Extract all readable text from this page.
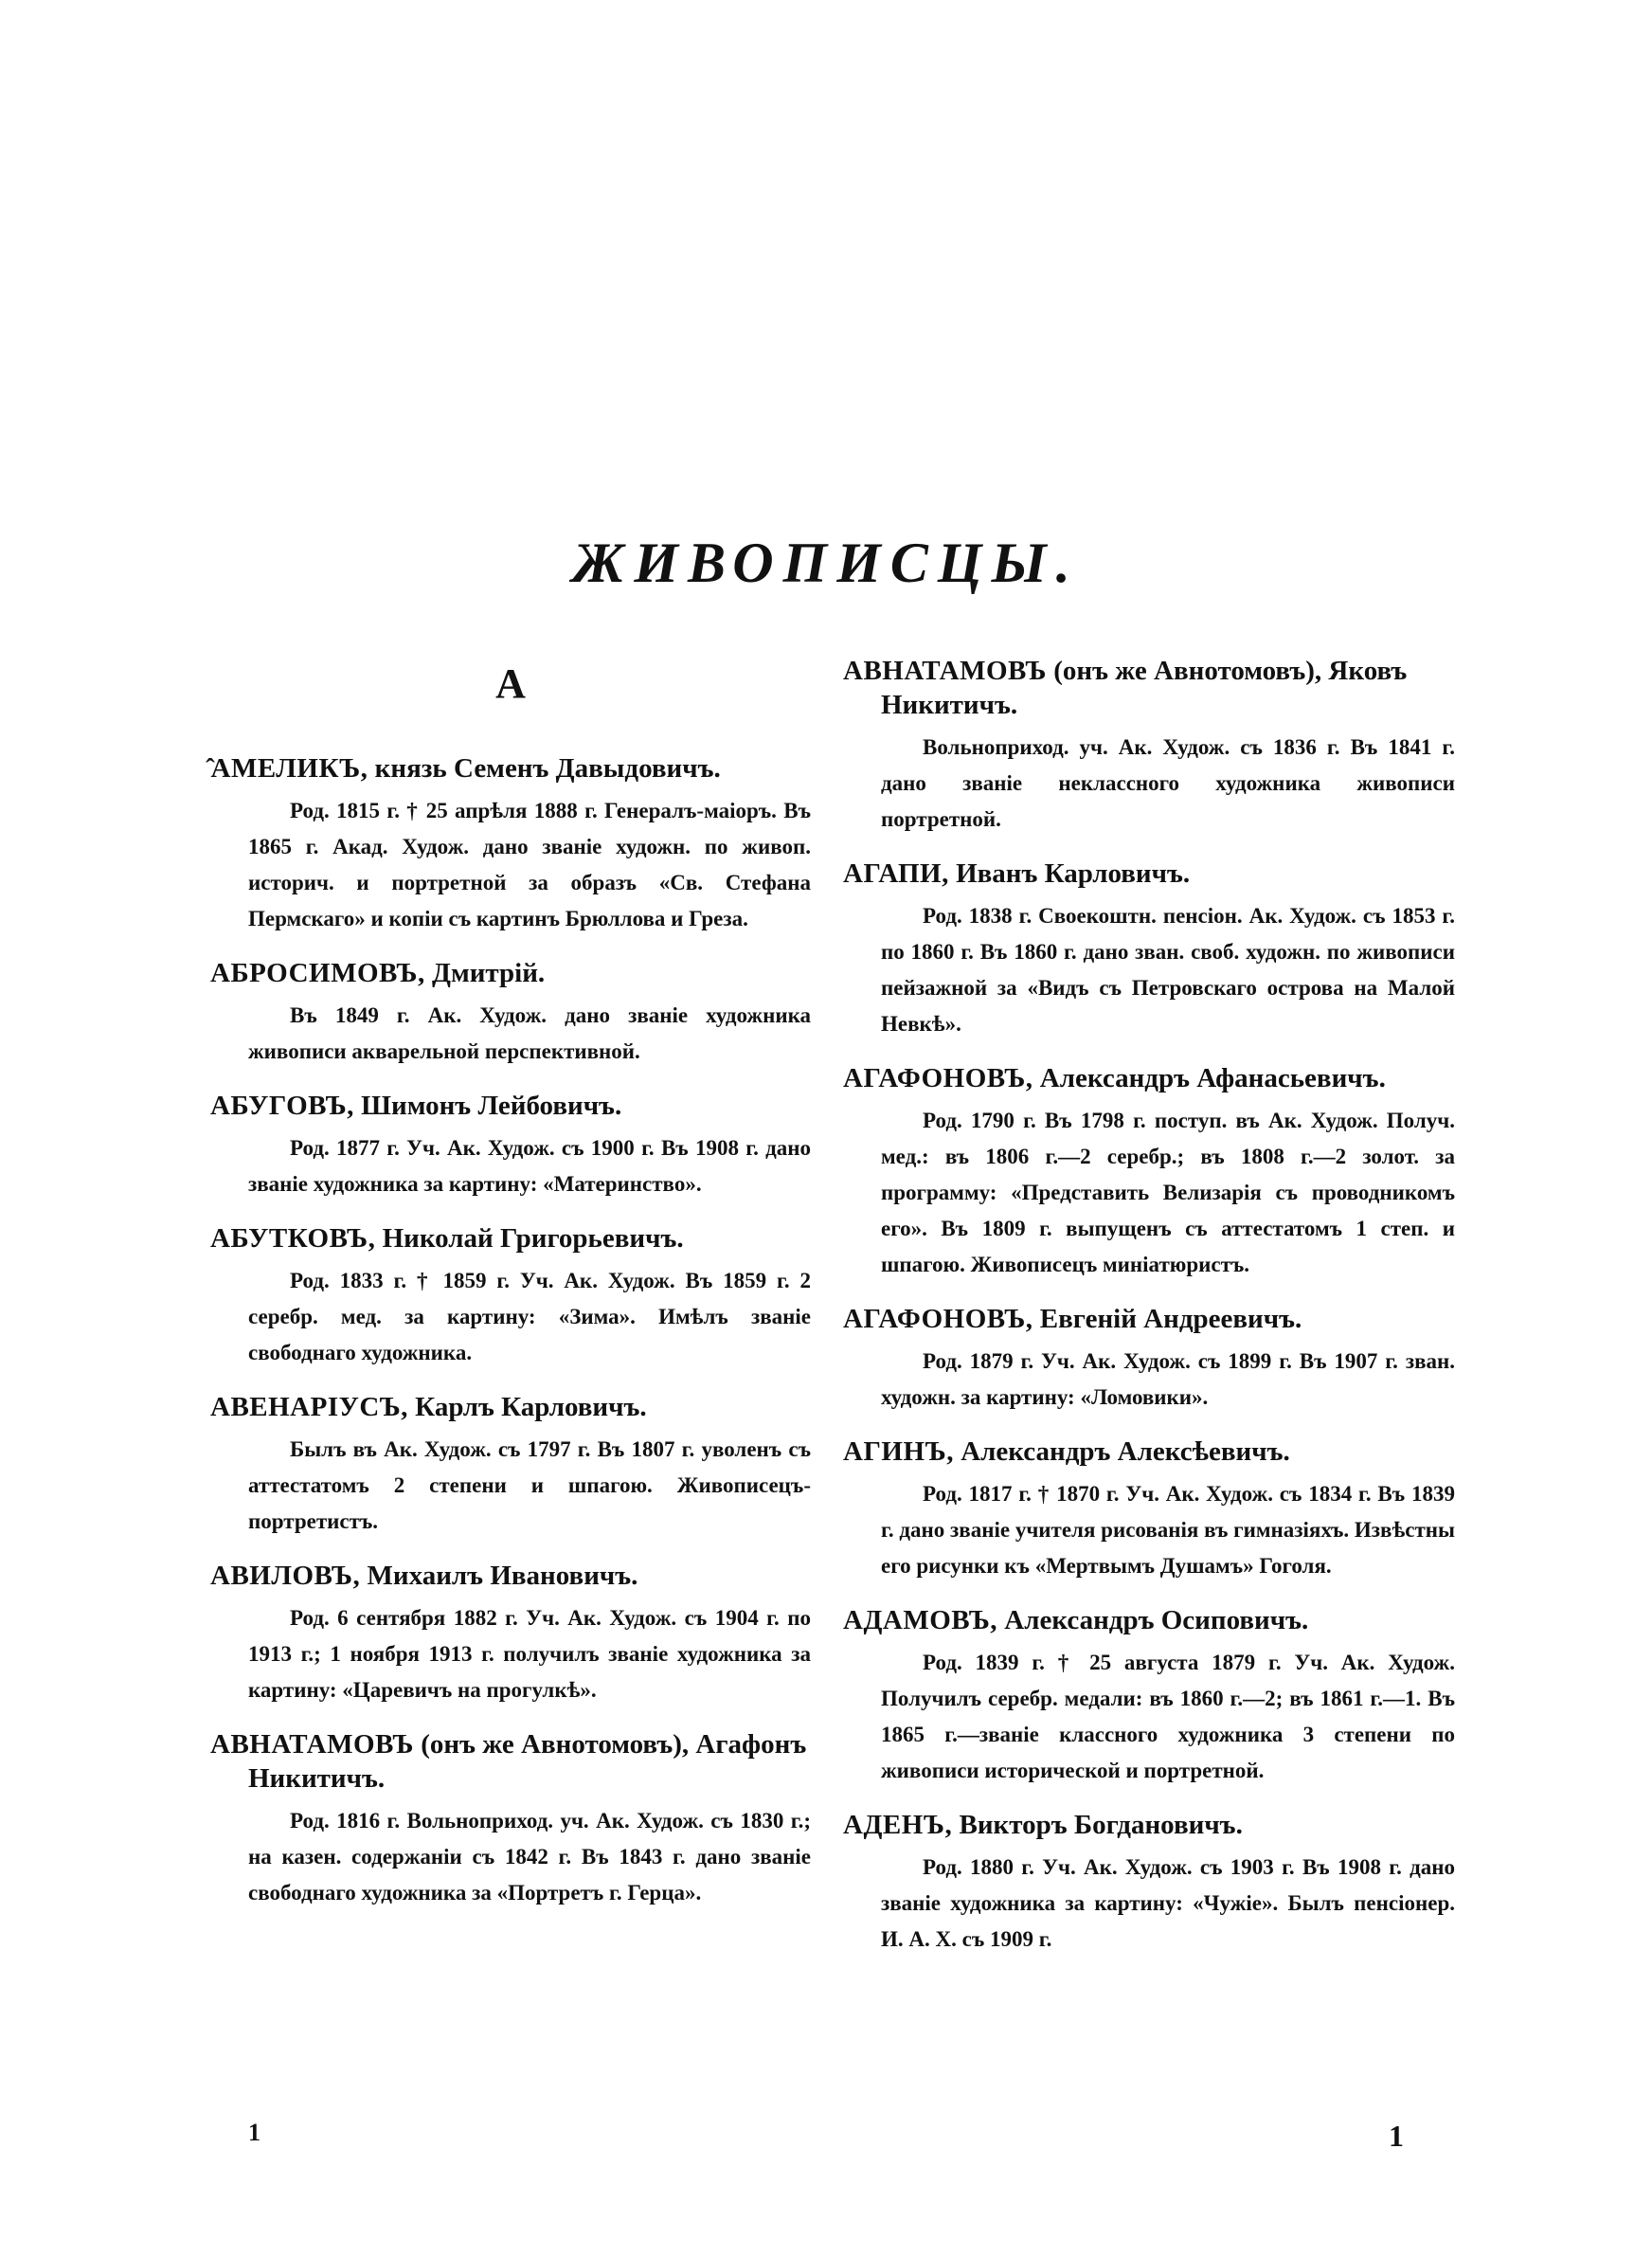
ЖИВОПИСЦЫ.
А
̂АМЕЛИКЪ, князь Семенъ Давыдовичъ.
Род. 1815 г. † 25 апрѣля 1888 г. Генералъ-маіоръ. Въ 1865 г. Акад. Худож. дано званіе художн. по живоп. историч. и портретной за образъ «Св. Стефана Пермскаго» и копіи съ картинъ Брюллова и Греза.
АБРОСИМОВЪ, Дмитрій.
Въ 1849 г. Ак. Худож. дано званіе художника живописи акварельной перспективной.
АБУГОВЪ, Шимонъ Лейбовичъ.
Род. 1877 г. Уч. Ак. Худож. съ 1900 г. Въ 1908 г. дано званіе художника за картину: «Материнство».
АБУТКОВЪ, Николай Григорьевичъ.
Род. 1833 г. † 1859 г. Уч. Ак. Худож. Въ 1859 г. 2 серебр. мед. за картину: «Зима». Имѣлъ званіе свободнаго художника.
АВЕНАРІУСЪ, Карлъ Карловичъ.
Былъ въ Ак. Худож. съ 1797 г. Въ 1807 г. уволенъ съ аттестатомъ 2 степени и шпагою. Живописецъ-портретистъ.
АВИЛОВЪ, Михаилъ Ивановичъ.
Род. 6 сентября 1882 г. Уч. Ак. Худож. съ 1904 г. по 1913 г.; 1 ноября 1913 г. получилъ званіе художника за картину: «Царевичъ на прогулкѣ».
АВНАТАМОВЪ (онъ же Авнотомовъ), Агафонъ Никитичъ.
Род. 1816 г. Вольноприход. уч. Ак. Худож. съ 1830 г.; на казен. содержаніи съ 1842 г. Въ 1843 г. дано званіе свободнаго художника за «Портретъ г. Герца».
АВНАТАМОВЪ (онъ же Авнотомовъ), Яковъ Никитичъ.
Вольноприход. уч. Ак. Худож. съ 1836 г. Въ 1841 г. дано званіе неклассного художника живописи портретной.
АГАПИ, Иванъ Карловичъ.
Род. 1838 г. Своекоштн. пенсіон. Ак. Худож. съ 1853 г. по 1860 г. Въ 1860 г. дано зван. своб. художн. по живописи пейзажной за «Видъ съ Петровскаго острова на Малой Невкѣ».
АГАФОНОВЪ, Александръ Афанасьевичъ.
Род. 1790 г. Въ 1798 г. поступ. въ Ак. Худож. Получ. мед.: въ 1806 г.—2 серебр.; въ 1808 г.—2 золот. за программу: «Представить Велизарія съ проводникомъ его». Въ 1809 г. выпущенъ съ аттестатомъ 1 степ. и шпагою. Живописецъ миніатюристъ.
АГАФОНОВЪ, Евгеній Андреевичъ.
Род. 1879 г. Уч. Ак. Худож. съ 1899 г. Въ 1907 г. зван. художн. за картину: «Ломовики».
АГИНЪ, Александръ Алексѣевичъ.
Род. 1817 г. † 1870 г. Уч. Ак. Худож. съ 1834 г. Въ 1839 г. дано званіе учителя рисованія въ гимназіяхъ. Извѣстны его рисунки къ «Мертвымъ Душамъ» Гоголя.
АДАМОВЪ, Александръ Осиповичъ.
Род. 1839 г. † 25 августа 1879 г. Уч. Ак. Худож. Получилъ серебр. медали: въ 1860 г.—2; въ 1861 г.—1. Въ 1865 г.—званіе классного художника 3 степени по живописи исторической и портретной.
АДЕНЪ, Викторъ Богдановичъ.
Род. 1880 г. Уч. Ак. Худож. съ 1903 г. Въ 1908 г. дано званіе художника за картину: «Чужіе». Былъ пенсіонер. И. А. Х. съ 1909 г.
1	1
